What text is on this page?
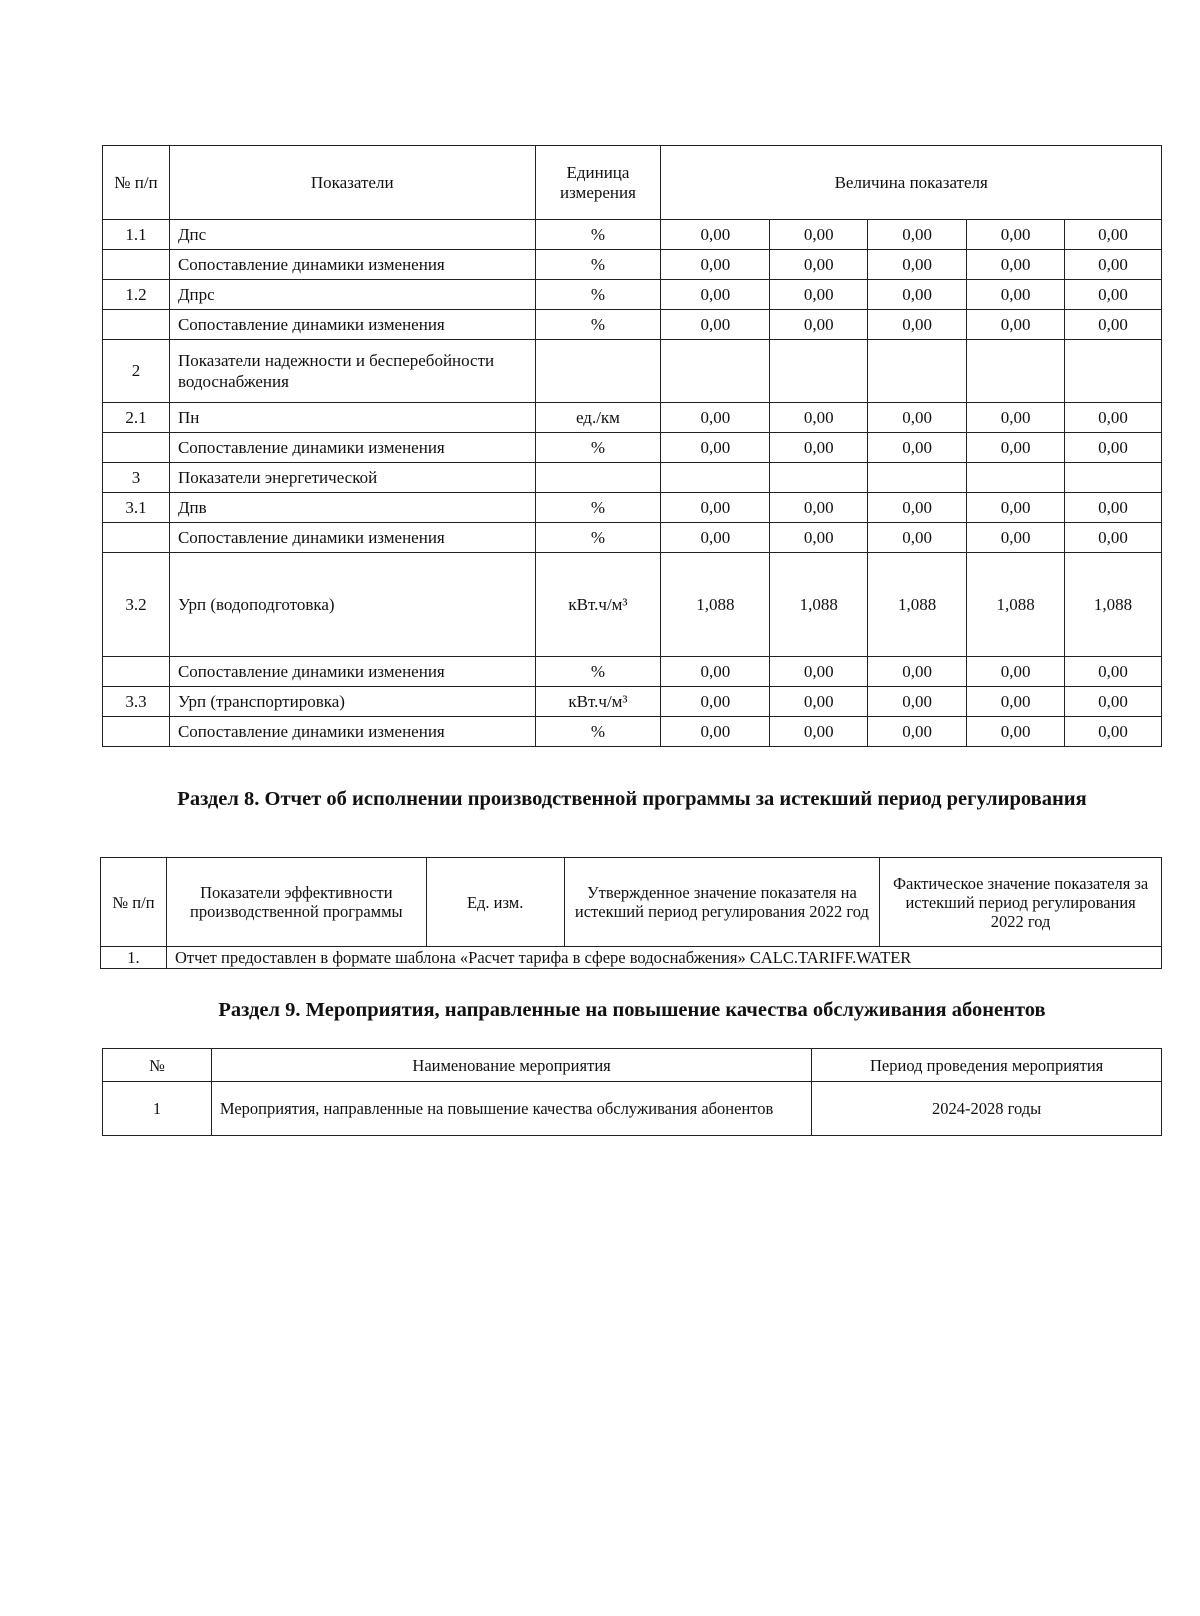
№ п/п	Показатели	Единица измерения	Величина показателя				
1.1	Дпс	%	0,00	0,00	0,00	0,00	0,00
	Сопоставление динамики изменения	%	0,00	0,00	0,00	0,00	0,00
1.2	Дпрс	%	0,00	0,00	0,00	0,00	0,00
	Сопоставление динамики изменения	%	0,00	0,00	0,00	0,00	0,00
2	Показатели надежности и бесперебойности водоснабжения						
2.1	Пн	ед./км	0,00	0,00	0,00	0,00	0,00
	Сопоставление динамики изменения	%	0,00	0,00	0,00	0,00	0,00
3	Показатели энергетической						
3.1	Дпв	%	0,00	0,00	0,00	0,00	0,00
	Сопоставление динамики изменения	%	0,00	0,00	0,00	0,00	0,00
3.2	Урп (водоподготовка)	кВт.ч/м³	1,088	1,088	1,088	1,088	1,088
	Сопоставление динамики изменения	%	0,00	0,00	0,00	0,00	0,00
3.3	Урп (транспортировка)	кВт.ч/м³	0,00	0,00	0,00	0,00	0,00
	Сопоставление динамики изменения	%	0,00	0,00	0,00	0,00	0,00
Раздел 8. Отчет об исполнении производственной программы за истекший период регулирования
№ п/п	Показатели эффективности производственной программы	Ед. изм.	Утвержденное значение показателя на истекший период регулирования 2022 год	Фактическое значение показателя за истекший период регулирования 2022 год
1.	Отчет предоставлен в формате шаблона «Расчет тарифа в сфере водоснабжения» CALC.TARIFF.WATER			
Раздел 9. Мероприятия, направленные на повышение качества обслуживания абонентов
№	Наименование мероприятия	Период проведения мероприятия
1	Мероприятия, направленные на повышение качества обслуживания абонентов	2024-2028 годы
